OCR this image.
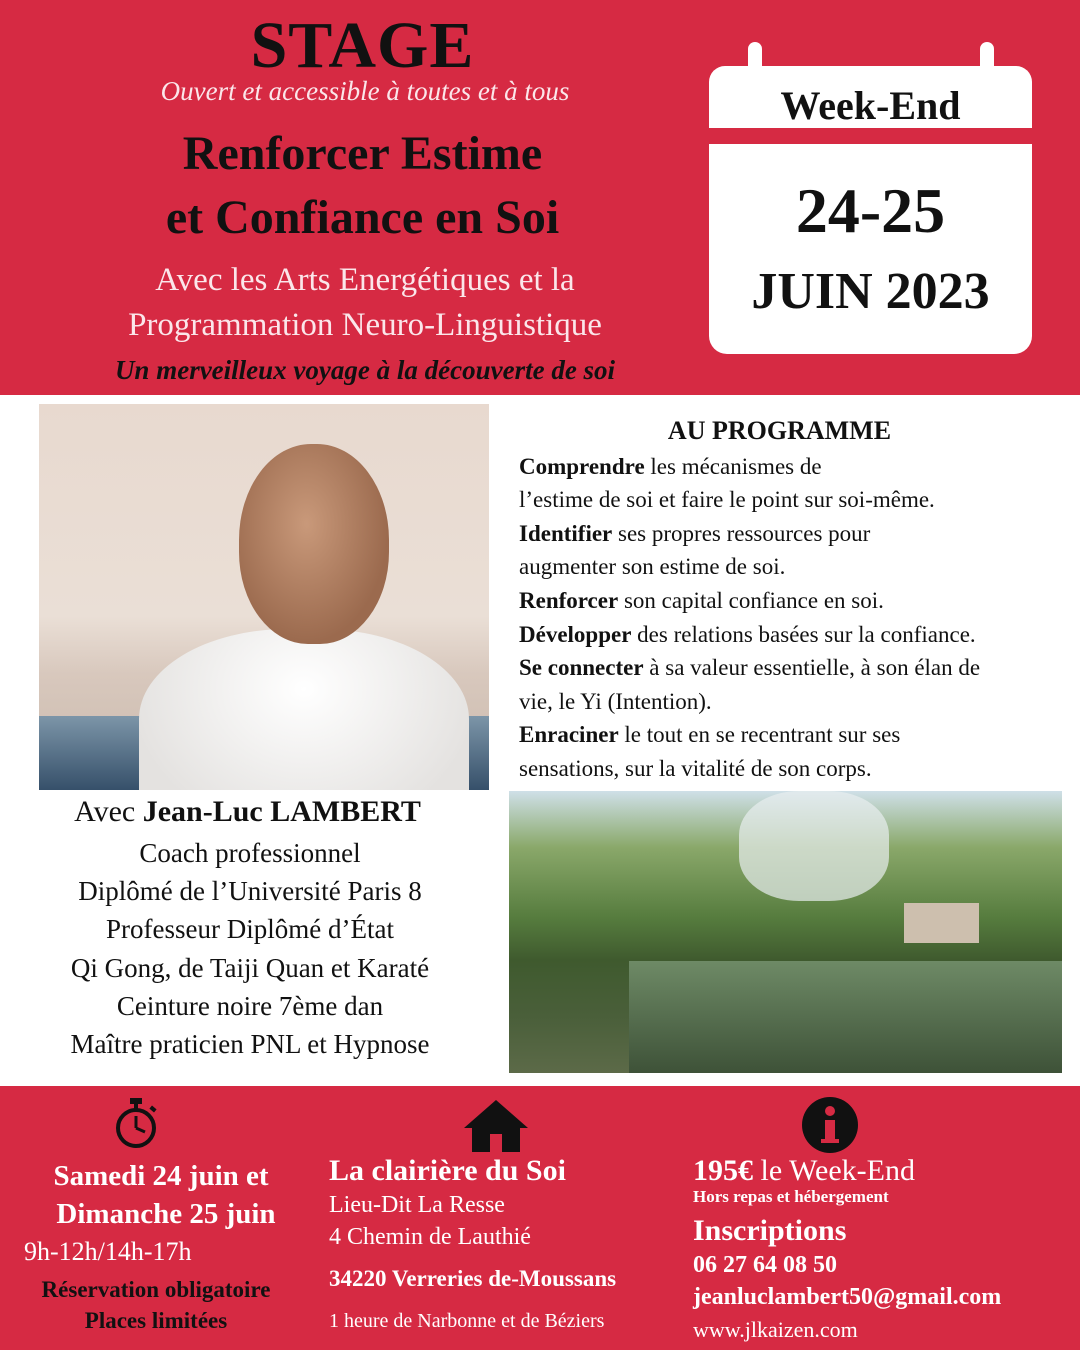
STAGE
Ouvert et accessible à toutes et à tous
Renforcer Estime
et Confiance en Soi
Avec les Arts Energétiques et la
Programmation Neuro-Linguistique
Un merveilleux voyage à la découverte de soi
Week-End
24-25
JUIN 2023
Avec Jean-Luc LAMBERT
Coach professionnel
Diplômé de l’Université Paris 8
Professeur Diplômé d’État
Qi Gong, de Taiji Quan et Karaté
Ceinture noire 7ème dan
Maître praticien PNL et Hypnose
AU PROGRAMME
Comprendre les mécanismes de
l’estime de soi et faire le point sur soi-même.
Identifier ses propres ressources pour
augmenter son estime de soi.
Renforcer son capital confiance en soi.
Développer des relations basées sur la confiance.
Se connecter à sa valeur essentielle, à son élan de
vie, le Yi (Intention).
Enraciner le tout en se recentrant sur ses
sensations, sur la vitalité de son corps.
Samedi 24 juin et
Dimanche 25 juin
9h-12h/14h-17h
Réservation obligatoire
Places limitées
La clairière du Soi
Lieu-Dit La Resse
4 Chemin de Lauthié
34220 Verreries de-Moussans
1 heure de Narbonne et de Béziers
195€ le Week-End
Hors repas et hébergement
Inscriptions
06 27 64 08 50
jeanluclambert50@gmail.com
www.jlkaizen.com
